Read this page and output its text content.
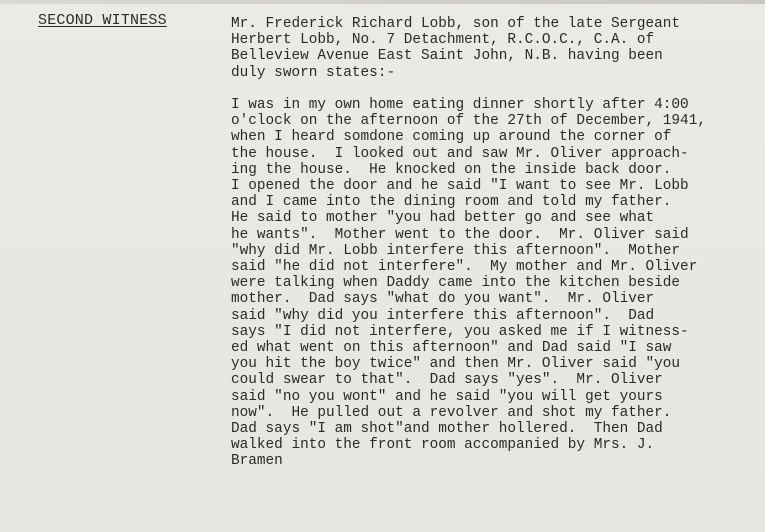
SECOND WITNESS	Mr. Frederick Richard Lobb, son of the late Sergeant
Herbert Lobb, No. 7 Detachment, R.C.O.C., C.A. of
Belleview Avenue East Saint John, N.B. having been
duly sworn states:-
I was in my own home eating dinner shortly after 4:00
o'clock on the afternoon of the 27th of December, 1941,
when I heard somdone coming up around the corner of
the house.  I looked out and saw Mr. Oliver approach-
ing the house.  He knocked on the inside back door.
I opened the door and he said "I want to see Mr. Lobb
and I came into the dining room and told my father.
He said to mother "you had better go and see what
he wants".  Mother went to the door.  Mr. Oliver said
"why did Mr. Lobb interfere this afternoon".  Mother
said "he did not interfere".  My mother and Mr. Oliver
were talking when Daddy came into the kitchen beside
mother.  Dad says "what do you want".  Mr. Oliver
said "why did you interfere this afternoon".  Dad
says "I did not interfere, you asked me if I witness-
ed what went on this afternoon" and Dad said "I saw
you hit the boy twice" and then Mr. Oliver said "you
could swear to that".  Dad says "yes".  Mr. Oliver
said "no you wont" and he said "you will get yours
now".  He pulled out a revolver and shot my father.
Dad says "I am shot"and mother hollered.  Then Dad
walked into the front room accompanied by Mrs. J.
Bramen
